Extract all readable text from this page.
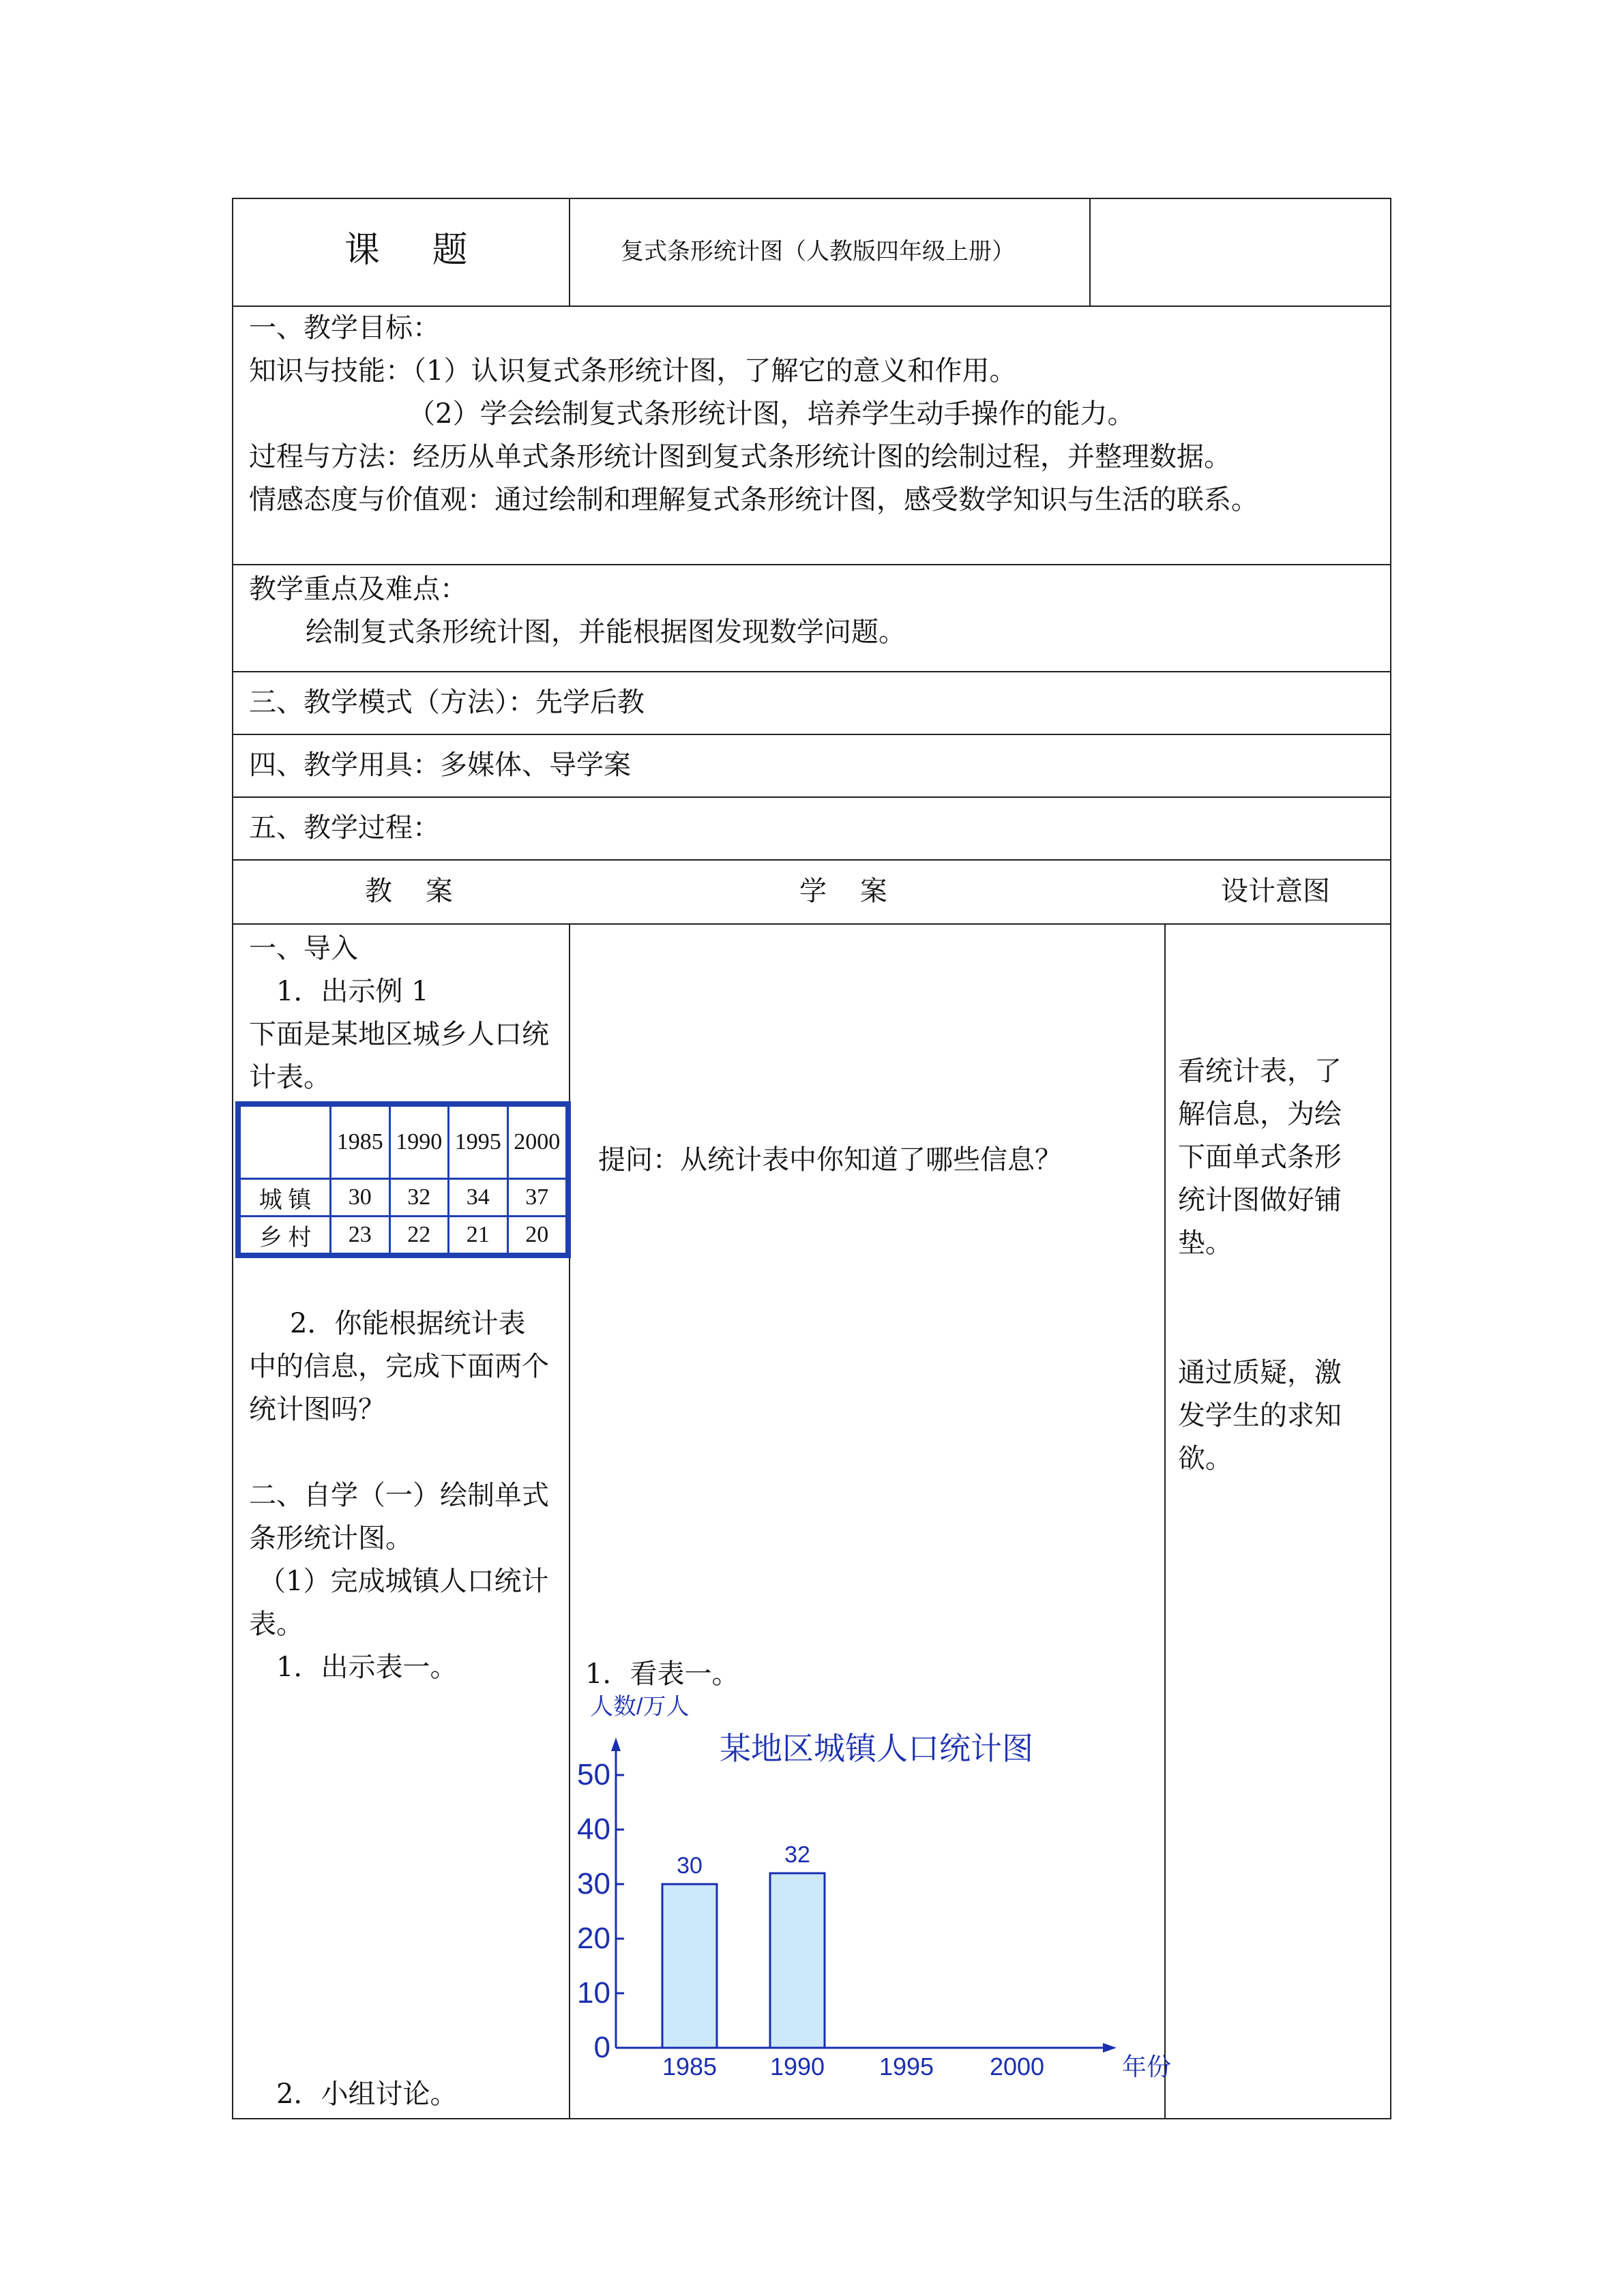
课 题	复式条形统计图（人教版四年级上册）
一、教学目标：
知识与技能：（1）认识复式条形统计图，了解它的意义和作用。
（2）学会绘制复式条形统计图，培养学生动手操作的能力。
过程与方法：经历从单式条形统计图到复式条形统计图的绘制过程，并整理数据。
情感态度与价值观：通过绘制和理解复式条形统计图，感受数学知识与生活的联系。
教学重点及难点：
绘制复式条形统计图，并能根据图发现数学问题。
三、教学模式（方法）：先学后教
四、教学用具：多媒体、导学案
五、教学过程：
教 案	学 案	设计意图
一、导入
1．出示例 1
下面是某地区城乡人口统计表。
	1985	1990	1995	2000
城 镇	30	32	34	37
乡 村	23	22	21	20
2．你能根据统计表中的信息，完成下面两个统计图吗？
二、自学（一）绘制单式条形统计图。
（1）完成城镇人口统计表。
1．出示表一。
2．小组讨论。
提问：从统计表中你知道了哪些信息？
1．看表一。
看统计表，了解信息，为绘下面单式条形统计图做好铺垫。
通过质疑，激发学生的求知欲。
人数/万人
某地区城镇人口统计图
年份
0
10
20
30
40
50
30	32
1985 1990 1995 2000
